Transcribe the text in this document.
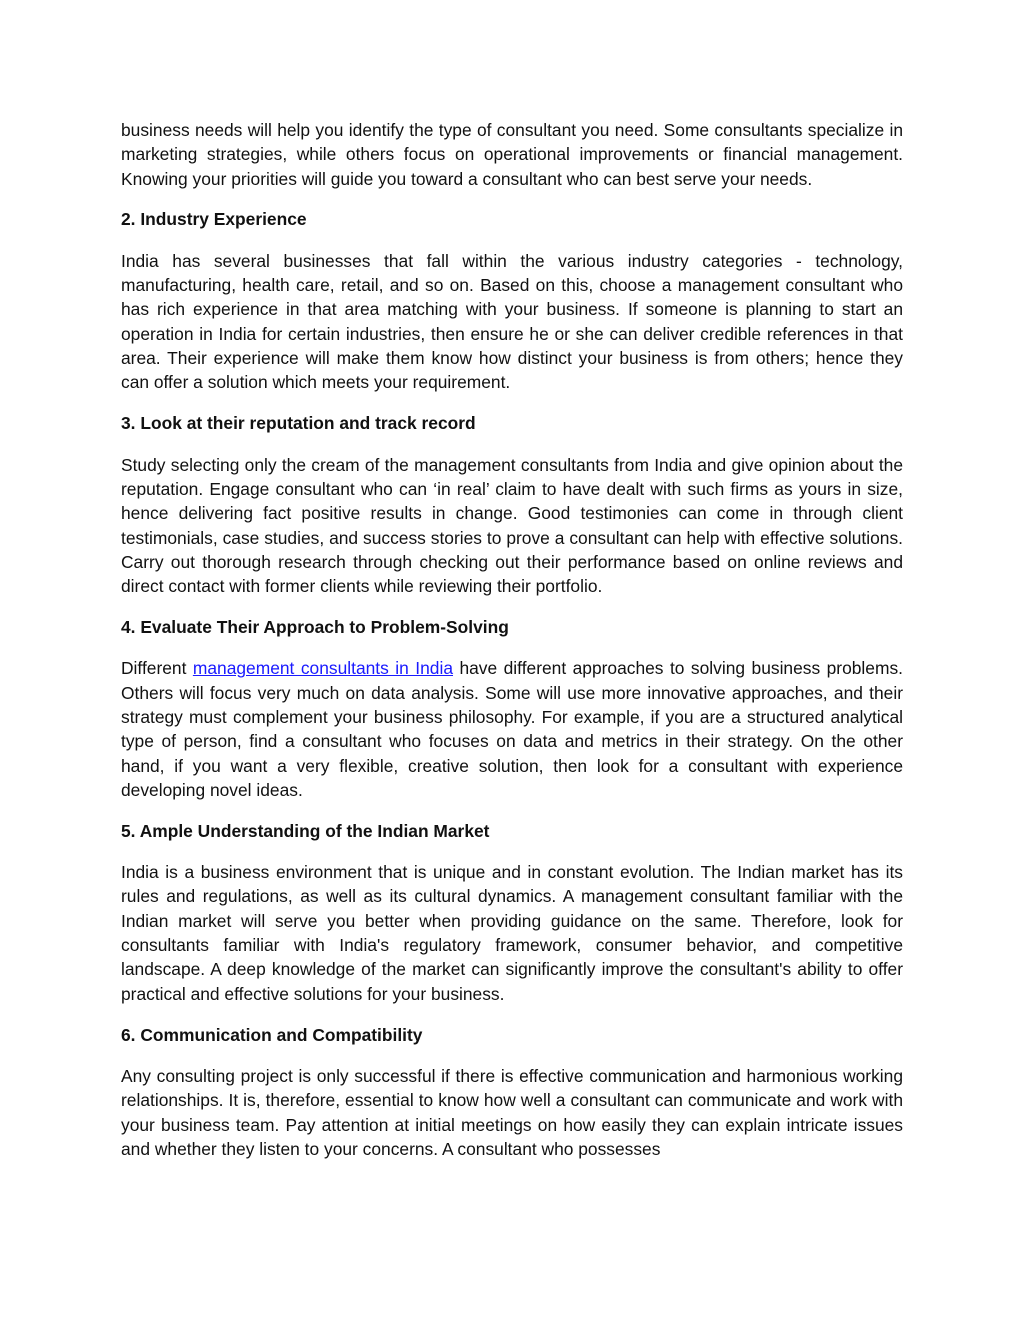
business needs will help you identify the type of consultant you need. Some consultants specialize in marketing strategies, while others focus on operational improvements or financial management. Knowing your priorities will guide you toward a consultant who can best serve your needs.

2. Industry Experience

India has several businesses that fall within the various industry categories - technology, manufacturing, health care, retail, and so on. Based on this, choose a management consultant who has rich experience in that area matching with your business. If someone is planning to start an operation in India for certain industries, then ensure he or she can deliver credible references in that area. Their experience will make them know how distinct your business is from others; hence they can offer a solution which meets your requirement.

3. Look at their reputation and track record

Study selecting only the cream of the management consultants from India and give opinion about the reputation. Engage consultant who can ‘in real’ claim to have dealt with such firms as yours in size, hence delivering fact positive results in change. Good testimonies can come in through client testimonials, case studies, and success stories to prove a consultant can help with effective solutions. Carry out thorough research through checking out their performance based on online reviews and direct contact with former clients while reviewing their portfolio.

4. Evaluate Their Approach to Problem-Solving

Different management consultants in India have different approaches to solving business problems. Others will focus very much on data analysis. Some will use more innovative approaches, and their strategy must complement your business philosophy. For example, if you are a structured analytical type of person, find a consultant who focuses on data and metrics in their strategy. On the other hand, if you want a very flexible, creative solution, then look for a consultant with experience developing novel ideas.

5. Ample Understanding of the Indian Market

India is a business environment that is unique and in constant evolution. The Indian market has its rules and regulations, as well as its cultural dynamics. A management consultant familiar with the Indian market will serve you better when providing guidance on the same. Therefore, look for consultants familiar with India's regulatory framework, consumer behavior, and competitive landscape. A deep knowledge of the market can significantly improve the consultant's ability to offer practical and effective solutions for your business.

6. Communication and Compatibility

Any consulting project is only successful if there is effective communication and harmonious working relationships. It is, therefore, essential to know how well a consultant can communicate and work with your business team. Pay attention at initial meetings on how easily they can explain intricate issues and whether they listen to your concerns. A consultant who possesses
